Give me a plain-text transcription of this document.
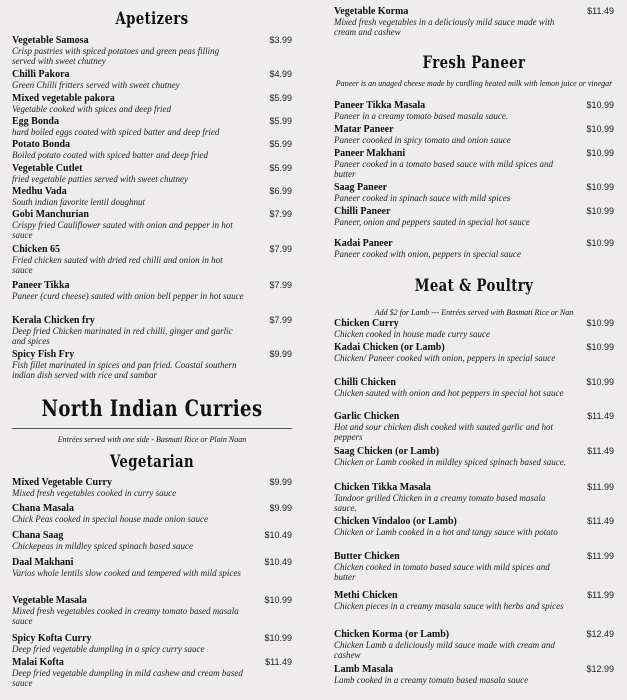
Apetizers
Vegetable Samosa	$3.99
Crisp pastries with spiced potatoes and green peas filling served with sweet chutney
Chilli Pakora	$4.99
Green Chilli fritters served with sweet chutney
Mixed vegetable pakora	$5.99
Vegetable cooked with spices and deep fried
Egg Bonda	$5.99
hard boiled eggs coated with spiced batter and deep fried
Potato Bonda	$5.99
Boiled potato coated with spiced batter and deep fried
Vegetable Cutlet	$5.99
fried vegetable patties served with sweet chutney
Medhu Vada	$6.99
South indian favorite lentil doughnut
Gobi Manchurian	$7.99
Crispy fried Cauliflower sauted with onion and pepper in hot sauce
Chicken 65	$7.99
Fried chicken sauted with dried red chilli and onion in hot sauce
Paneer Tikka	$7.99
Paneer (curd cheese) sauted with onion bell pepper in hot sauce
Kerala Chicken fry	$7.99
Deep fried Chicken marinated in red chilli, ginger and garlic and spices
Spicy Fish Fry	$9.99
Fish fillet marinated in spices and pan fried. Coastal southern indian dish served with rice and sambar
North Indian Curries
Entrées served with one side - Basmati Rice or Plain Naan
Vegetarian
Mixed Vegetable Curry	$9.99
Mixed fresh vegetables cooked in curry sauce
Chana Masala	$9.99
Chick Peas cooked in special house made onion sauce
Chana Saag	$10.49
Chickepeas in mildley spiced spinach based sauce
Daal Makhani	$10.49
Varios whole lentils slow cooked and tempered with mild spices
Vegetable Masala	$10.99
Mixed fresh vegetables cooked in creamy tomato based masala sauce
Spicy Kofta Curry	$10.99
Deep fried vegetable dumpling in a spicy curry sauce
Malai Kofta	$11.49
Deep fried vegetable dumpling in mild cashew and cream based sauce
Vegetable Korma	$11.49
Mixed fresh vegetables in a deliciously mild sauce made with cream and cashew
Fresh Paneer
Paneer is an unaged cheese made by curdling heated milk with lemon juice or vinegar
Paneer Tikka Masala	$10.99
Paneer in a creamy tomato based masala sauce.
Matar Paneer	$10.99
Paneer coooked in spicy tomato and onion sauce
Paneer Makhani	$10.99
Paneer cooked in a tomato based sauce with mild spices and butter
Saag Paneer	$10.99
Paneer cooked in spinach sauce with mild spices
Chilli Paneer	$10.99
Paneer, onion and peppers sauted in special hot sauce
Kadai Paneer	$10.99
Paneer cooked with onion, peppers in special sauce
Meat & Poultry
Add $2 for Lamb --- Entrées served with Basmati Rice or Nan
Chicken Curry	$10.99
Chicken cooked in house made curry sauce
Kadai Chicken (or Lamb)	$10.99
Chicken/ Paneer cooked with onion, peppers in special sauce
Chilli Chicken	$10.99
Chicken sauted with onion and hot peppers in special hot sauce
Garlic Chicken	$11.49
Hot and sour chicken dish cooked with sauted garlic and hot peppers
Saag Chicken (or Lamb)	$11.49
Chicken or Lamb cooked in mildley spiced spinach based sauce.
Chicken Tikka Masala	$11.99
Tandoor grilled Chicken in a creamy tomato based masala sauce.
Chicken Vindaloo (or Lamb)	$11.49
Chicken or Lamb cooked in a hot and tangy sauce with potato
Butter Chicken	$11.99
Chicken cooked in tomato based sauce with mild spices and butter
Methi Chicken	$11.99
Chicken pieces in a creamy masala sauce with herbs and spices
Chicken Korma (or Lamb)	$12.49
Chicken Lamb a deliciously mild sauce made with cream and cashew
Lamb Masala	$12.99
Lamb cooked in a creamy tomato based masala sauce
